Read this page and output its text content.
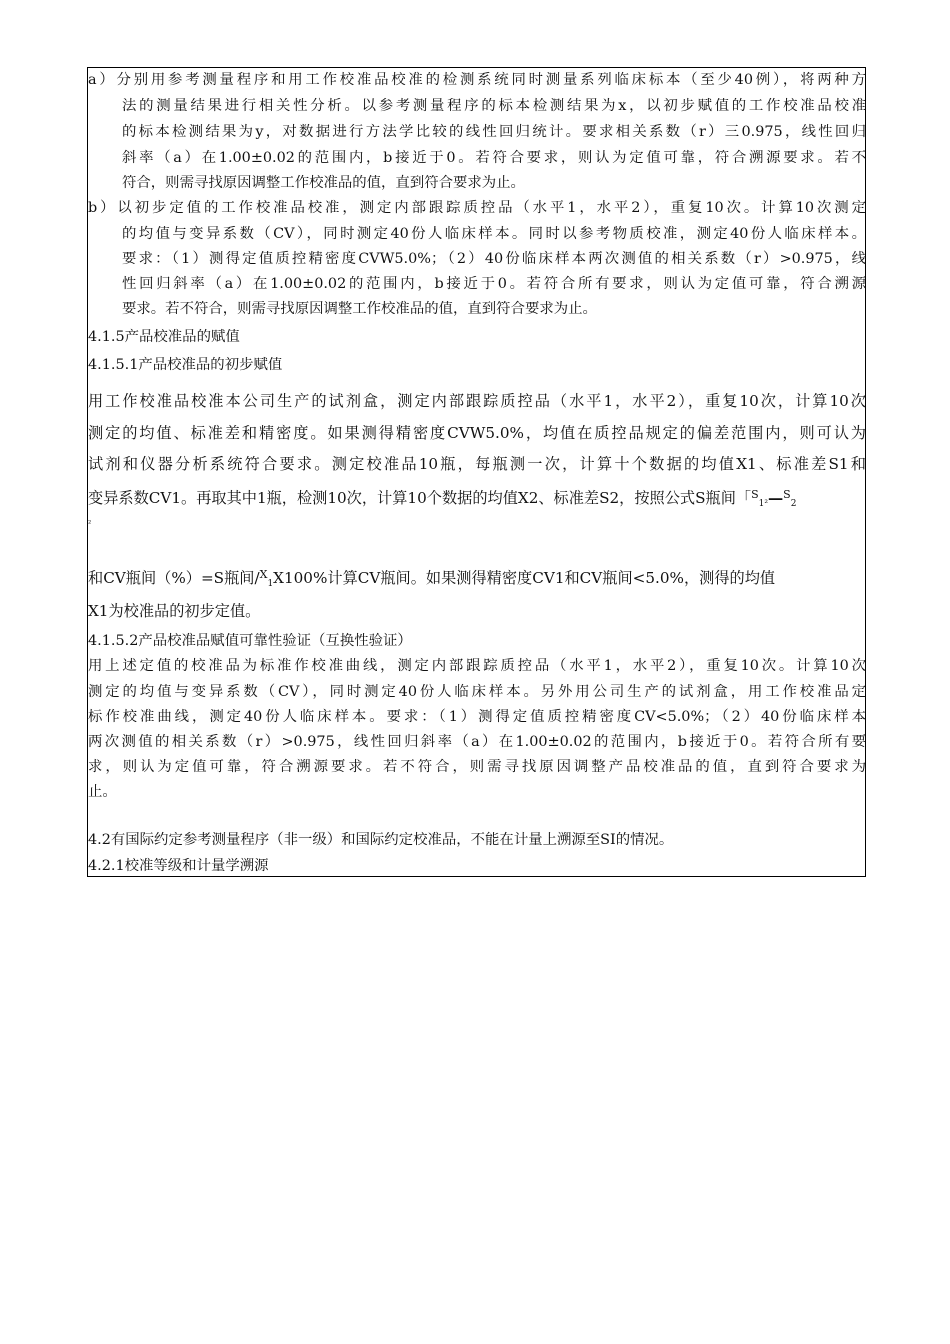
a）分别用参考测量程序和用工作校准品校准的检测系统同时测量系列临床标本（至少40例），将两种方
法的测量结果进行相关性分析。以参考测量程序的标本检测结果为x，以初步赋值的工作校准品校准
的标本检测结果为y，对数据进行方法学比较的线性回归统计。要求相关系数（r）三0.975，线性回归
斜率（a）在1.00±0.02的范围内，b接近于0。若符合要求，则认为定值可靠，符合溯源要求。若不
符合，则需寻找原因调整工作校准品的值，直到符合要求为止。
b）以初步定值的工作校准品校准，测定内部跟踪质控品（水平1，水平2），重复10次。计算10次测定
的均值与变异系数（CV），同时测定40份人临床样本。同时以参考物质校准，测定40份人临床样本。
要求：（1）测得定值质控精密度CVW5.0%；（2）40份临床样本两次测值的相关系数（r）>0.975，线
性回归斜率（a）在1.00±0.02的范围内，b接近于0。若符合所有要求，则认为定值可靠，符合溯源
要求。若不符合，则需寻找原因调整工作校准品的值，直到符合要求为止。
4.1.5产品校准品的赋值
4.1.5.1产品校准品的初步赋值
用工作校准品校准本公司生产的试剂盒，测定内部跟踪质控品（水平1，水平2），重复10次，计算10次
测定的均值、标准差和精密度。如果测得精密度CVW5.0%，均值在质控品规定的偏差范围内，则可认为
试剂和仪器分析系统符合要求。测定校准品10瓶，每瓶测一次，计算十个数据的均值X1、标准差S1和
变异系数CV1。再取其中1瓶，检测10次，计算10个数据的均值X2、标准差S2，按照公式S瓶间「$^S_{1^2}$—$^S_2$
²
和CV瓶间（%）=S瓶间/$^X_1$X100%计算CV瓶间。如果测得精密度CV1和CV瓶间<5.0%，测得的均值
X1为校准品的初步定值。
4.1.5.2产品校准品赋值可靠性验证（互换性验证）
用上述定值的校准品为标准作校准曲线，测定内部跟踪质控品（水平1，水平2），重复10次。计算10次
测定的均值与变异系数（CV），同时测定40份人临床样本。另外用公司生产的试剂盒，用工作校准品定
标作校准曲线，测定40份人临床样本。要求：（1）测得定值质控精密度CV<5.0%；（2）40份临床样本
两次测值的相关系数（r）>0.975，线性回归斜率（a）在1.00±0.02的范围内，b接近于0。若符合所有要
求，则认为定值可靠，符合溯源要求。若不符合，则需寻找原因调整产品校准品的值，直到符合要求为
止。
4.2有国际约定参考测量程序（非一级）和国际约定校准品，不能在计量上溯源至SI的情况。
4.2.1校准等级和计量学溯源
